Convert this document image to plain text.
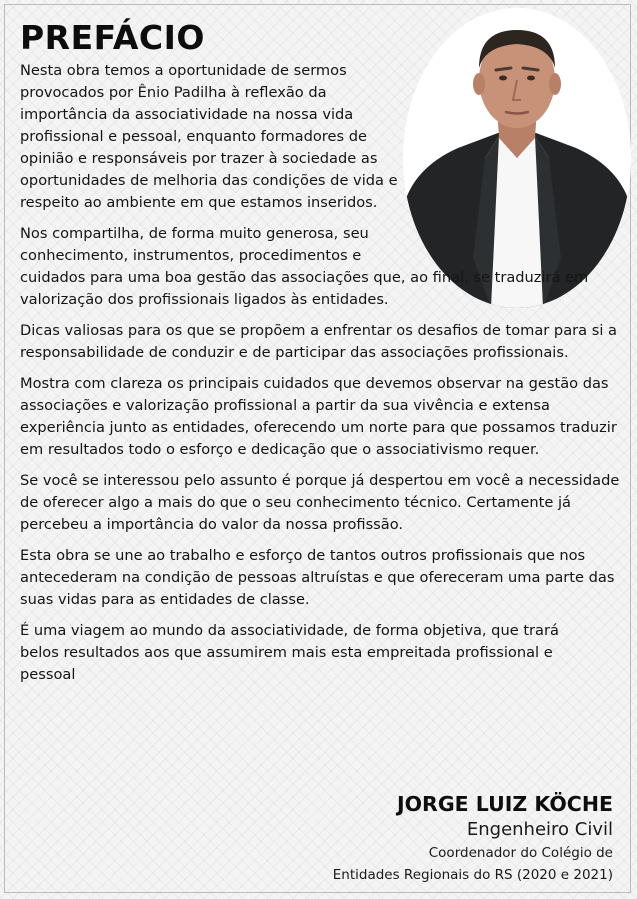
PREFÁCIO

Nesta obra temos a oportunidade de sermos provocados por Ênio Padilha à reflexão da importância da associatividade na nossa vida profissional e pessoal, enquanto formadores de opinião e responsáveis por trazer à sociedade as oportunidades de melhoria das condições de vida e respeito ao ambiente em que estamos inseridos.

Nos compartilha, de forma muito generosa, seu conhecimento, instrumentos, procedimentos e

cuidados para uma boa gestão das associações que, ao final, se traduzirá em valorização dos profissionais ligados às entidades.

Dicas valiosas para os que se propõem a enfrentar os desafios de tomar para si a responsabilidade de conduzir e de participar das associações profissionais.

Mostra com clareza os principais cuidados que devemos observar na gestão das associações e valorização profissional a partir da sua vivência e extensa experiência junto as entidades, oferecendo um norte para que possamos traduzir em resultados todo o esforço e dedicação que o associativismo requer.

Se você se interessou pelo assunto é porque já despertou em você a necessidade de oferecer algo a mais do que o seu conhecimento técnico. Certamente já percebeu a importância do valor da nossa profissão.

Esta obra se une ao trabalho e esforço de tantos outros profissionais que nos antecederam na condição de pessoas altruístas e que ofereceram uma parte das suas vidas para as entidades de classe.

É uma viagem ao mundo da associatividade, de forma objetiva, que trará belos resultados aos que assumirem mais esta empreitada profissional e pessoal

JORGE LUIZ KÖCHE
Engenheiro Civil
Coordenador do Colégio de
Entidades Regionais do RS (2020 e 2021)
